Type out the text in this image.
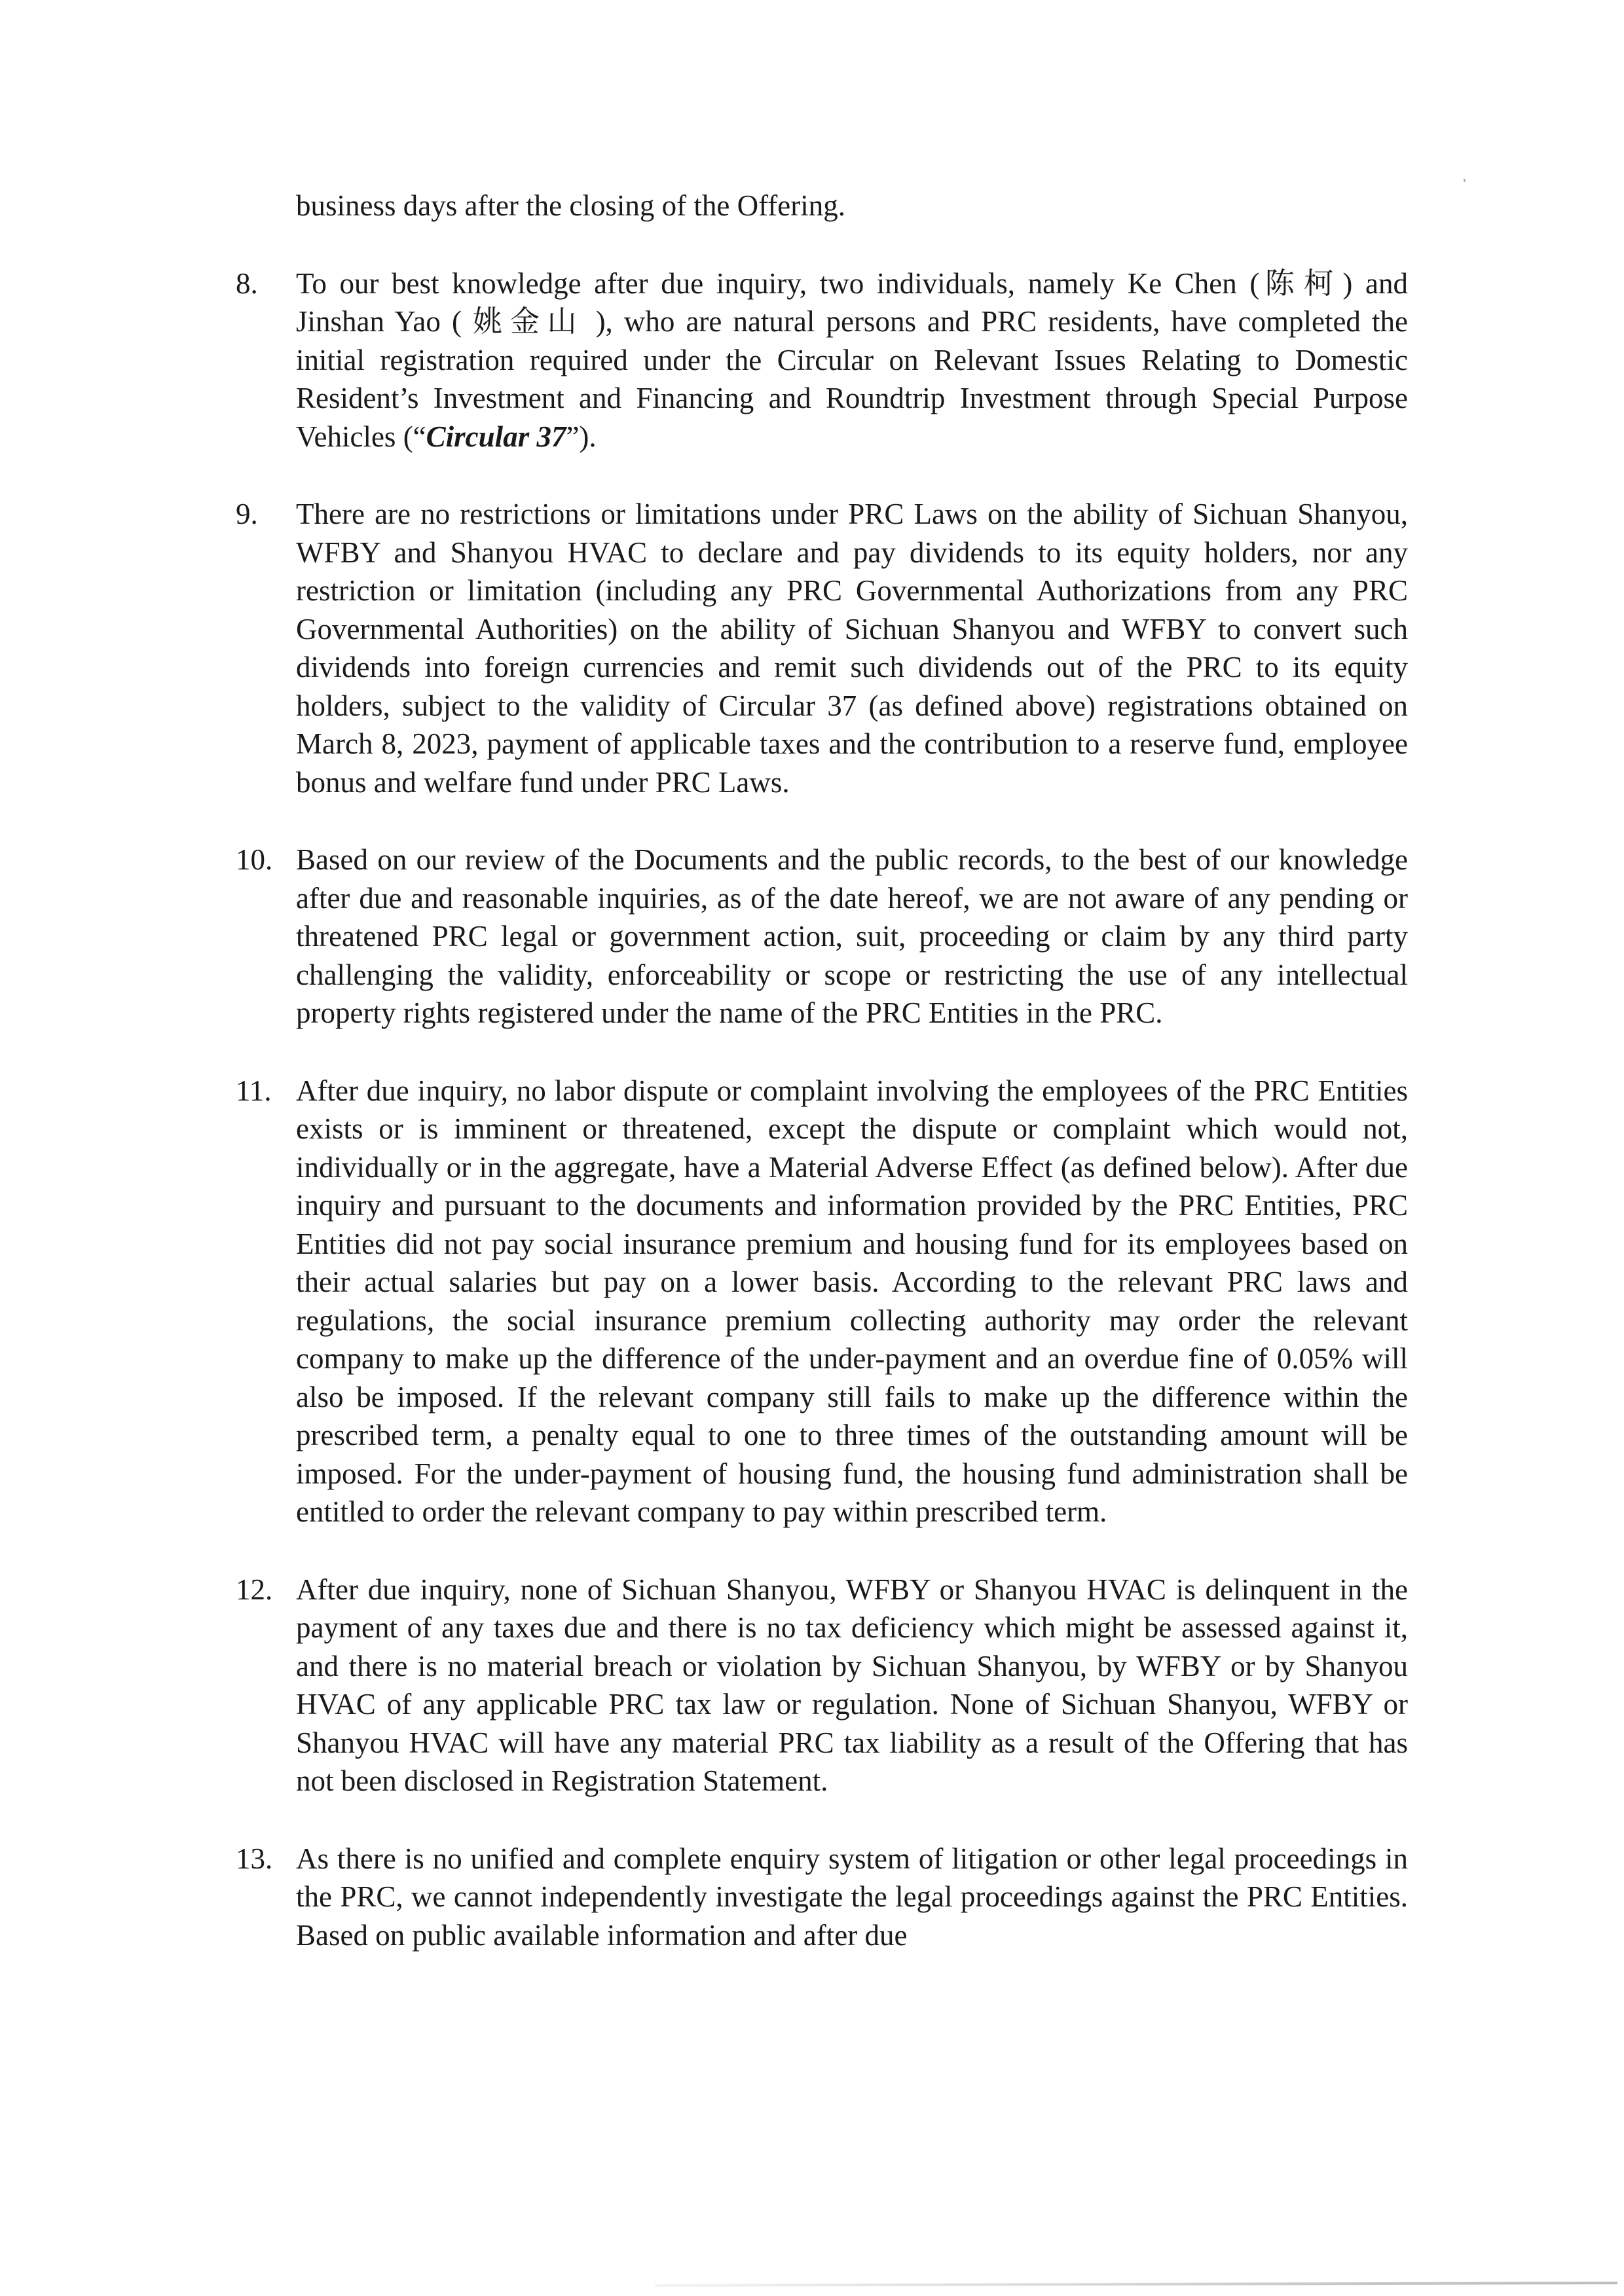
business days after the closing of the Offering.

8.	To our best knowledge after due inquiry, two individuals, namely Ke Chen (陈柯) and Jinshan Yao ( 姚金山 ), who are natural persons and PRC residents, have completed the initial registration required under the Circular on Relevant Issues Relating to Domestic Resident’s Investment and Financing and Roundtrip Investment through Special Purpose Vehicles (“Circular 37”).

9.	There are no restrictions or limitations under PRC Laws on the ability of Sichuan Shanyou, WFBY and Shanyou HVAC to declare and pay dividends to its equity holders, nor any restriction or limitation (including any PRC Governmental Authorizations from any PRC Governmental Authorities) on the ability of Sichuan Shanyou and WFBY to convert such dividends into foreign currencies and remit such dividends out of the PRC to its equity holders, subject to the validity of Circular 37 (as defined above) registrations obtained on March 8, 2023, payment of applicable taxes and the contribution to a reserve fund, employee bonus and welfare fund under PRC Laws.

10. Based on our review of the Documents and the public records, to the best of our knowledge after due and reasonable inquiries, as of the date hereof, we are not aware of any pending or threatened PRC legal or government action, suit, proceeding or claim by any third party challenging the validity, enforceability or scope or restricting the use of any intellectual property rights registered under the name of the PRC Entities in the PRC.

11. After due inquiry, no labor dispute or complaint involving the employees of the PRC Entities exists or is imminent or threatened, except the dispute or complaint which would not, individually or in the aggregate, have a Material Adverse Effect (as defined below). After due inquiry and pursuant to the documents and information provided by the PRC Entities, PRC Entities did not pay social insurance premium and housing fund for its employees based on their actual salaries but pay on a lower basis. According to the relevant PRC laws and regulations, the social insurance premium collecting authority may order the relevant company to make up the difference of the under-payment and an overdue fine of 0.05% will also be imposed. If the relevant company still fails to make up the difference within the prescribed term, a penalty equal to one to three times of the outstanding amount will be imposed. For the under-payment of housing fund, the housing fund administration shall be entitled to order the relevant company to pay within prescribed term.

12. After due inquiry, none of Sichuan Shanyou, WFBY or Shanyou HVAC is delinquent in the payment of any taxes due and there is no tax deficiency which might be assessed against it, and there is no material breach or violation by Sichuan Shanyou, by WFBY or by Shanyou HVAC of any applicable PRC tax law or regulation. None of Sichuan Shanyou, WFBY or Shanyou HVAC will have any material PRC tax liability as a result of the Offering that has not been disclosed in Registration Statement.

13. As there is no unified and complete enquiry system of litigation or other legal proceedings in the PRC, we cannot independently investigate the legal proceedings against the PRC Entities. Based on public available information and after due
